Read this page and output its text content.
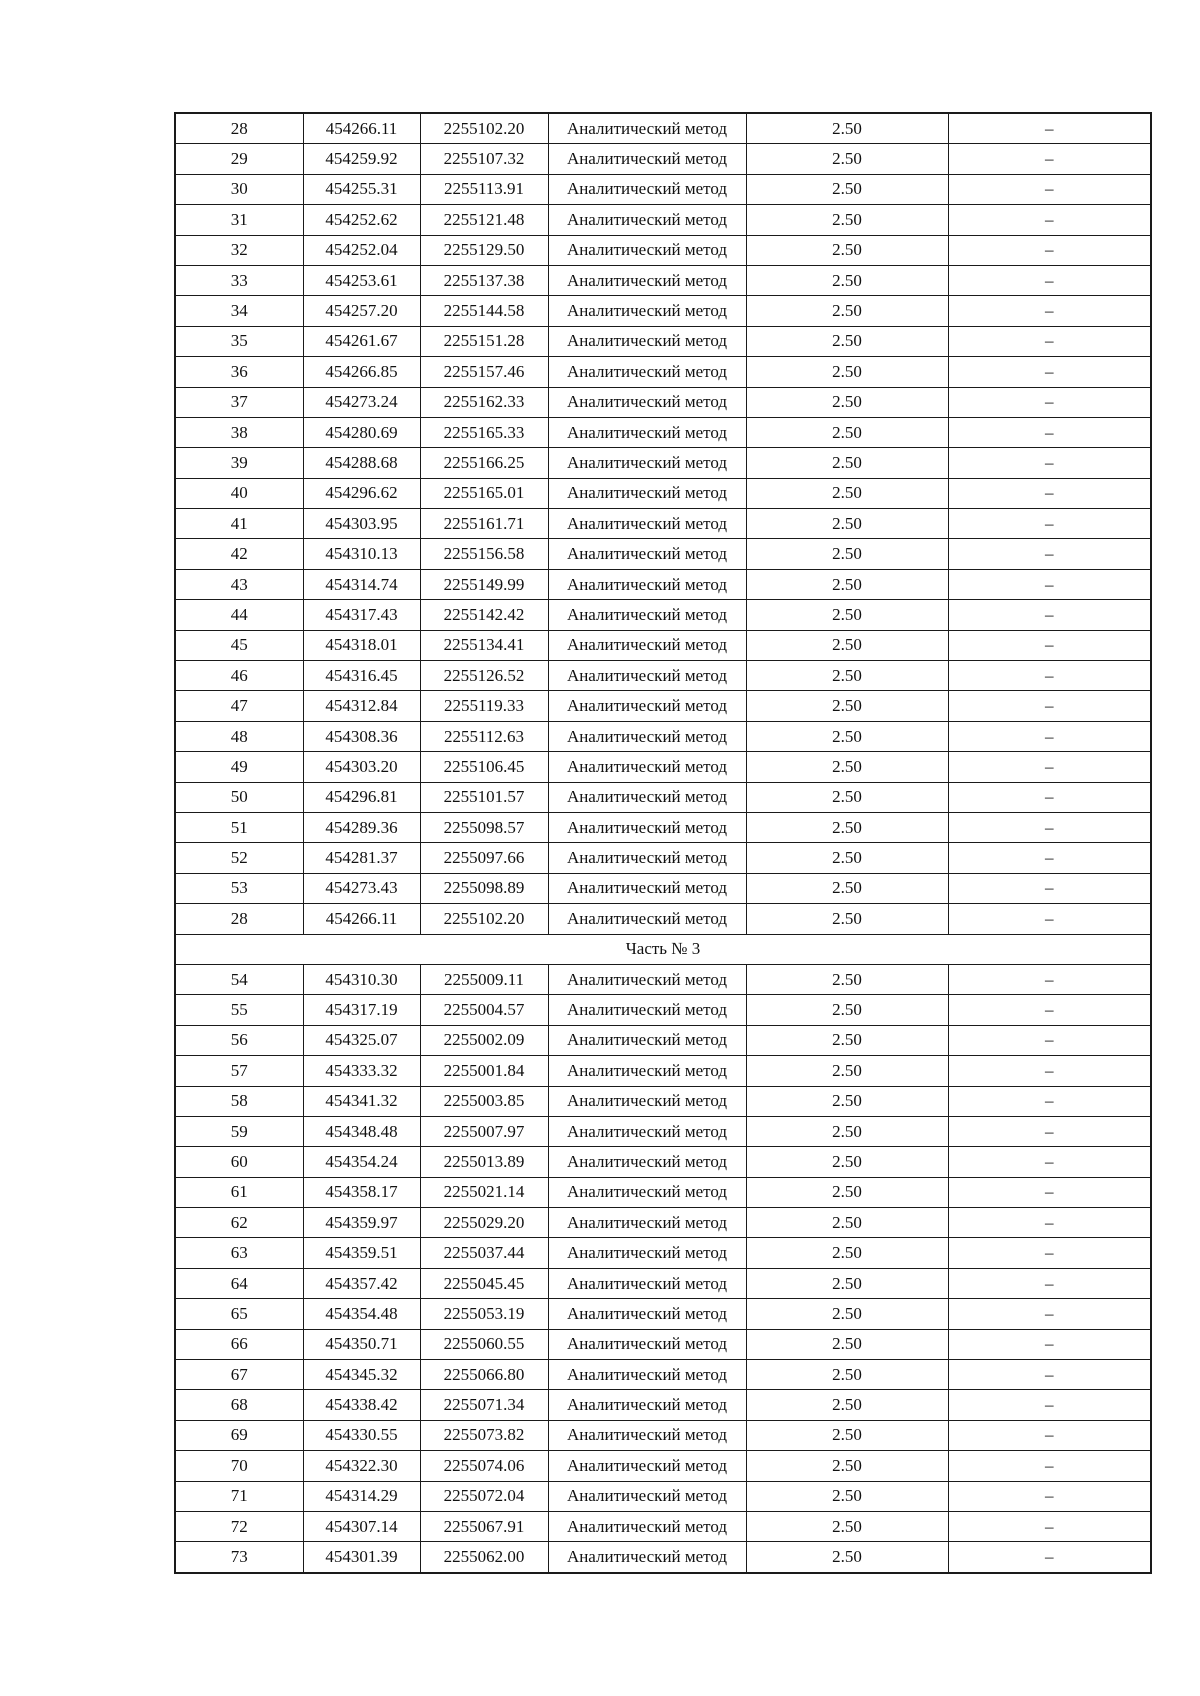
28	454266.11	2255102.20	Аналитический метод	2.50	–
29	454259.92	2255107.32	Аналитический метод	2.50	–
30	454255.31	2255113.91	Аналитический метод	2.50	–
31	454252.62	2255121.48	Аналитический метод	2.50	–
32	454252.04	2255129.50	Аналитический метод	2.50	–
33	454253.61	2255137.38	Аналитический метод	2.50	–
34	454257.20	2255144.58	Аналитический метод	2.50	–
35	454261.67	2255151.28	Аналитический метод	2.50	–
36	454266.85	2255157.46	Аналитический метод	2.50	–
37	454273.24	2255162.33	Аналитический метод	2.50	–
38	454280.69	2255165.33	Аналитический метод	2.50	–
39	454288.68	2255166.25	Аналитический метод	2.50	–
40	454296.62	2255165.01	Аналитический метод	2.50	–
41	454303.95	2255161.71	Аналитический метод	2.50	–
42	454310.13	2255156.58	Аналитический метод	2.50	–
43	454314.74	2255149.99	Аналитический метод	2.50	–
44	454317.43	2255142.42	Аналитический метод	2.50	–
45	454318.01	2255134.41	Аналитический метод	2.50	–
46	454316.45	2255126.52	Аналитический метод	2.50	–
47	454312.84	2255119.33	Аналитический метод	2.50	–
48	454308.36	2255112.63	Аналитический метод	2.50	–
49	454303.20	2255106.45	Аналитический метод	2.50	–
50	454296.81	2255101.57	Аналитический метод	2.50	–
51	454289.36	2255098.57	Аналитический метод	2.50	–
52	454281.37	2255097.66	Аналитический метод	2.50	–
53	454273.43	2255098.89	Аналитический метод	2.50	–
28	454266.11	2255102.20	Аналитический метод	2.50	–
Часть № 3					
54	454310.30	2255009.11	Аналитический метод	2.50	–
55	454317.19	2255004.57	Аналитический метод	2.50	–
56	454325.07	2255002.09	Аналитический метод	2.50	–
57	454333.32	2255001.84	Аналитический метод	2.50	–
58	454341.32	2255003.85	Аналитический метод	2.50	–
59	454348.48	2255007.97	Аналитический метод	2.50	–
60	454354.24	2255013.89	Аналитический метод	2.50	–
61	454358.17	2255021.14	Аналитический метод	2.50	–
62	454359.97	2255029.20	Аналитический метод	2.50	–
63	454359.51	2255037.44	Аналитический метод	2.50	–
64	454357.42	2255045.45	Аналитический метод	2.50	–
65	454354.48	2255053.19	Аналитический метод	2.50	–
66	454350.71	2255060.55	Аналитический метод	2.50	–
67	454345.32	2255066.80	Аналитический метод	2.50	–
68	454338.42	2255071.34	Аналитический метод	2.50	–
69	454330.55	2255073.82	Аналитический метод	2.50	–
70	454322.30	2255074.06	Аналитический метод	2.50	–
71	454314.29	2255072.04	Аналитический метод	2.50	–
72	454307.14	2255067.91	Аналитический метод	2.50	–
73	454301.39	2255062.00	Аналитический метод	2.50	–
